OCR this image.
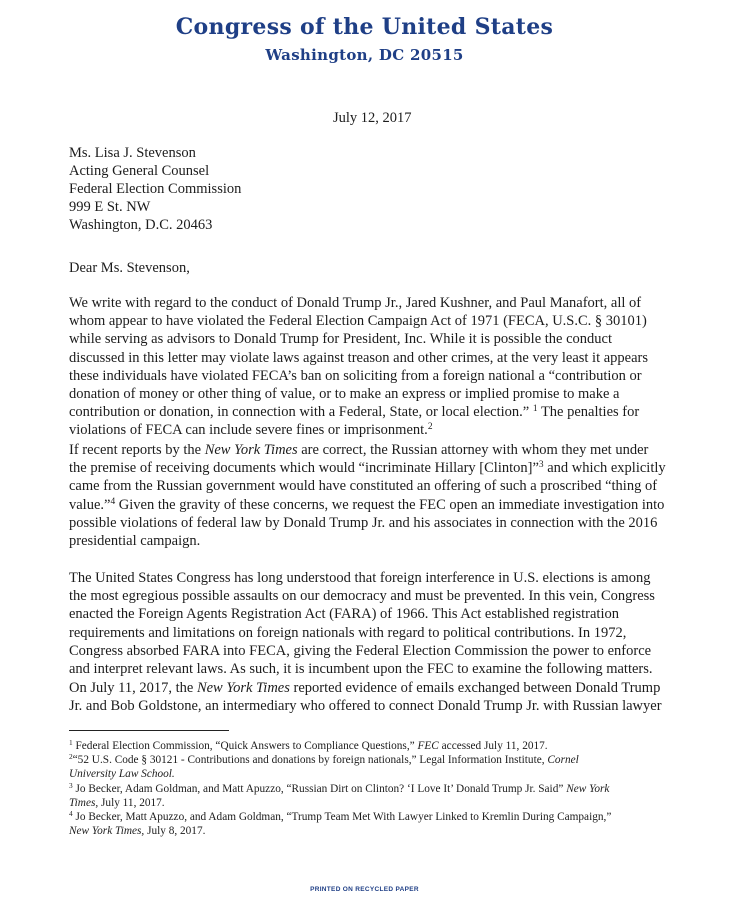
Congress of the United States
Washington, DC 20515
July 12, 2017
Ms. Lisa J. Stevenson
Acting General Counsel
Federal Election Commission
999 E St. NW
Washington, D.C. 20463
Dear Ms. Stevenson,

We write with regard to the conduct of Donald Trump Jr., Jared Kushner, and Paul Manafort, all of

whom appear to have violated the Federal Election Campaign Act of 1971 (FECA, U.S.C. § 30101)

while serving as advisors to Donald Trump for President, Inc. While it is possible the conduct

discussed in this letter may violate laws against treason and other crimes, at the very least it appears

these individuals have violated FECA’s ban on soliciting from a foreign national a “contribution or

donation of money or other thing of value, or to make an express or implied promise to make a

contribution or donation, in connection with a Federal, State, or local election.” $^1$ The penalties for

violations of FECA can include severe fines or imprisonment.$^2$

If recent reports by the New York Times are correct, the Russian attorney with whom they met under

the premise of receiving documents which would “incriminate Hillary [Clinton]”$^3$ and which explicitly

came from the Russian government would have constituted an offering of such a proscribed “thing of

value.”$^4$ Given the gravity of these concerns, we request the FEC open an immediate investigation into

possible violations of federal law by Donald Trump Jr. and his associates in connection with the 2016

presidential campaign.

The United States Congress has long understood that foreign interference in U.S. elections is among

the most egregious possible assaults on our democracy and must be prevented. In this vein, Congress

enacted the Foreign Agents Registration Act (FARA) of 1966. This Act established registration

requirements and limitations on foreign nationals with regard to political contributions. In 1972,

Congress absorbed FARA into FECA, giving the Federal Election Commission the power to enforce

and interpret relevant laws. As such, it is incumbent upon the FEC to examine the following matters.

On July 11, 2017, the New York Times reported evidence of emails exchanged between Donald Trump

Jr. and Bob Goldstone, an intermediary who offered to connect Donald Trump Jr. with Russian lawyer

$^1$ Federal Election Commission, “Quick Answers to Compliance Questions,” FEC accessed July 11, 2017.

$^2$“52 U.S. Code § 30121 - Contributions and donations by foreign nationals,” Legal Information Institute, Cornel

University Law School.

$^3$ Jo Becker, Adam Goldman, and Matt Apuzzo, “Russian Dirt on Clinton? ‘I Love It’ Donald Trump Jr. Said” New York

Times, July 11, 2017.

$^4$ Jo Becker, Matt Apuzzo, and Adam Goldman, “Trump Team Met With Lawyer Linked to Kremlin During Campaign,”

New York Times, July 8, 2017.

PRINTED ON RECYCLED PAPER
